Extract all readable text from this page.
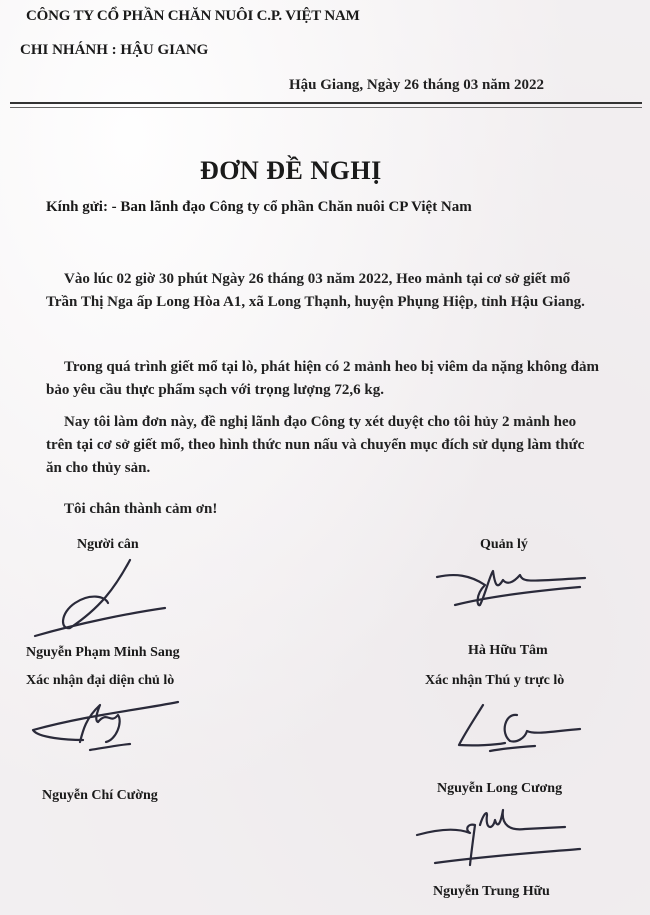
CÔNG TY CỔ PHẦN CHĂN NUÔI C.P. VIỆT NAM
CHI NHÁNH : HẬU GIANG
Hậu Giang, Ngày 26 tháng 03 năm 2022
ĐƠN ĐỀ NGHỊ
Kính gửi: - Ban lãnh đạo Công ty cổ phần Chăn nuôi CP Việt Nam
Vào lúc 02 giờ 30 phút Ngày 26 tháng 03 năm 2022, Heo mảnh tại cơ sở giết mổ Trần Thị Nga ấp Long Hòa A1, xã Long Thạnh, huyện Phụng Hiệp, tỉnh Hậu Giang.
Trong quá trình giết mổ tại lò, phát hiện có 2 mảnh heo bị viêm da nặng không đảm bảo yêu cầu thực phẩm sạch với trọng lượng 72,6 kg.
Nay tôi làm đơn này, đề nghị lãnh đạo Công ty xét duyệt cho tôi hủy 2 mảnh heo trên tại cơ sở giết mổ, theo hình thức nun nấu và chuyển mục đích sử dụng làm thức ăn cho thủy sản.
Tôi chân thành cảm ơn!
Người cân
Nguyễn Phạm Minh Sang
Quản lý
Hà Hữu Tâm
Xác nhận đại diện chủ lò
Nguyễn Chí Cường
Xác nhận Thú y trực lò
Nguyễn Long Cương
Nguyễn Trung Hữu
